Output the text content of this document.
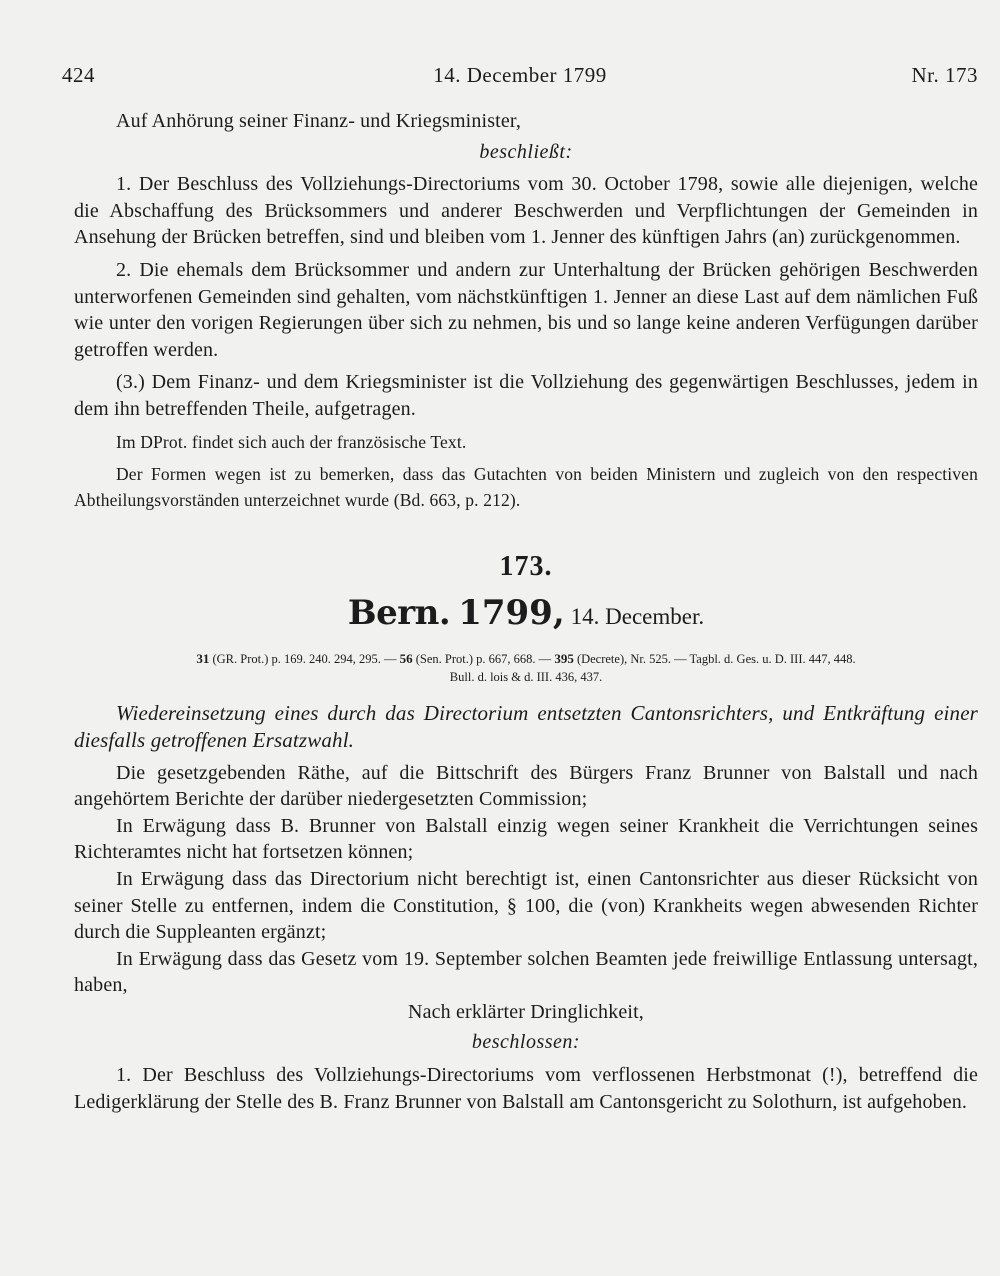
424	14. December 1799	Nr. 173

Auf Anhörung seiner Finanz- und Kriegsminister,

beschließt:

1. Der Beschluss des Vollziehungs-Directoriums vom 30. October 1798, sowie alle diejenigen, welche die Abschaffung des Brücksommers und anderer Beschwerden und Verpflichtungen der Gemeinden in Ansehung der Brücken betreffen, sind und bleiben vom 1. Jenner des künftigen Jahrs (an) zurückgenommen.

2. Die ehemals dem Brücksommer und andern zur Unterhaltung der Brücken gehörigen Beschwerden unterworfenen Gemeinden sind gehalten, vom nächstkünftigen 1. Jenner an diese Last auf dem nämlichen Fuß wie unter den vorigen Regierungen über sich zu nehmen, bis und so lange keine anderen Verfügungen darüber getroffen werden.

(3.) Dem Finanz- und dem Kriegsminister ist die Vollziehung des gegenwärtigen Beschlusses, jedem in dem ihn betreffenden Theile, aufgetragen.

Im DProt. findet sich auch der französische Text.

Der Formen wegen ist zu bemerken, dass das Gutachten von beiden Ministern und zugleich von den respectiven Abtheilungsvorständen unterzeichnet wurde (Bd. 663, p. 212).

173.
Bern. 1799, 14. December.
31 (GR. Prot.) p. 169. 240. 294, 295. — 56 (Sen. Prot.) p. 667, 668. — 395 (Decrete), Nr. 525. — Tagbl. d. Ges. u. D. III. 447, 448.
Bull. d. lois & d. III. 436, 437.

Wiedereinsetzung eines durch das Directorium entsetzten Cantonsrichters, und Entkräftung einer diesfalls getroffenen Ersatzwahl.

Die gesetzgebenden Räthe, auf die Bittschrift des Bürgers Franz Brunner von Balstall und nach angehörtem Berichte der darüber niedergesetzten Commission;

In Erwägung dass B. Brunner von Balstall einzig wegen seiner Krankheit die Verrichtungen seines Richteramtes nicht hat fortsetzen können;

In Erwägung dass das Directorium nicht berechtigt ist, einen Cantonsrichter aus dieser Rücksicht von seiner Stelle zu entfernen, indem die Constitution, § 100, die (von) Krankheits wegen abwesenden Richter durch die Suppleanten ergänzt;

In Erwägung dass das Gesetz vom 19. September solchen Beamten jede freiwillige Entlassung untersagt, haben,

Nach erklärter Dringlichkeit,

beschlossen:

1. Der Beschluss des Vollziehungs-Directoriums vom verflossenen Herbstmonat (!), betreffend die Ledigerklärung der Stelle des B. Franz Brunner von Balstall am Cantonsgericht zu Solothurn, ist aufgehoben.
